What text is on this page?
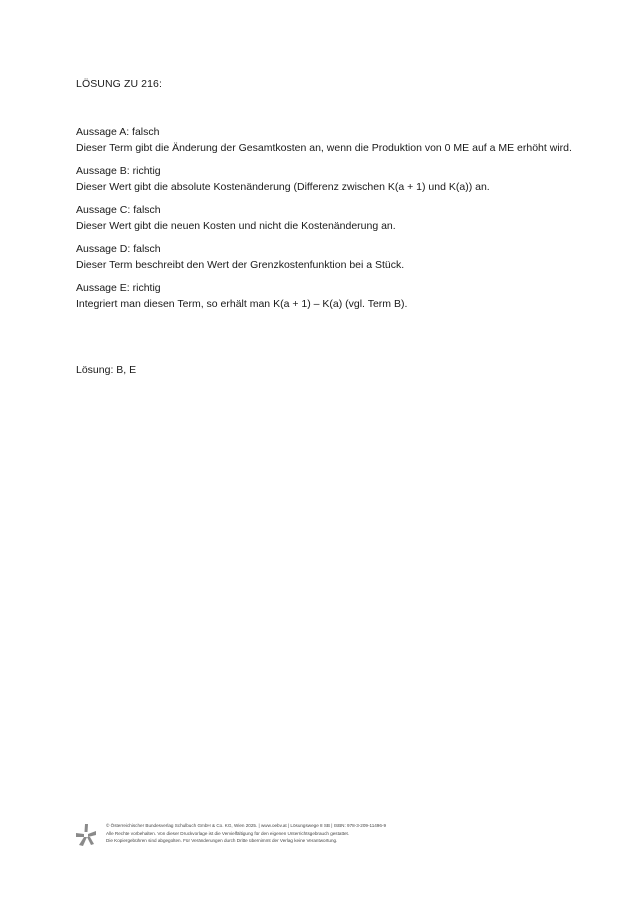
LÖSUNG ZU 216:
Aussage A: falsch
Dieser Term gibt die Änderung der Gesamtkosten an, wenn die Produktion von 0 ME auf a ME erhöht wird.
Aussage B: richtig
Dieser Wert gibt die absolute Kostenänderung (Differenz zwischen K(a + 1) und K(a)) an.
Aussage C: falsch
Dieser Wert gibt die neuen Kosten und nicht die Kostenänderung an.
Aussage D: falsch
Dieser Term beschreibt den Wert der Grenzkostenfunktion bei a Stück.
Aussage E: richtig
Integriert man diesen Term, so erhält man K(a + 1) – K(a) (vgl. Term B).
Lösung: B, E
© Österreichischer Bundesverlag Schulbuch GmbH & Co. KG, Wien 2025. | www.oebv.at | Lösungswege 8 SB | ISBN: 978-3-209-11496-9
Alle Rechte vorbehalten. Von dieser Druckvorlage ist die Vervielfältigung für den eigenen Unterrichtsgebrauch gestattet.
Die Kopiergebühren sind abgegolten. Für Veränderungen durch Dritte übernimmt der Verlag keine Verantwortung.
